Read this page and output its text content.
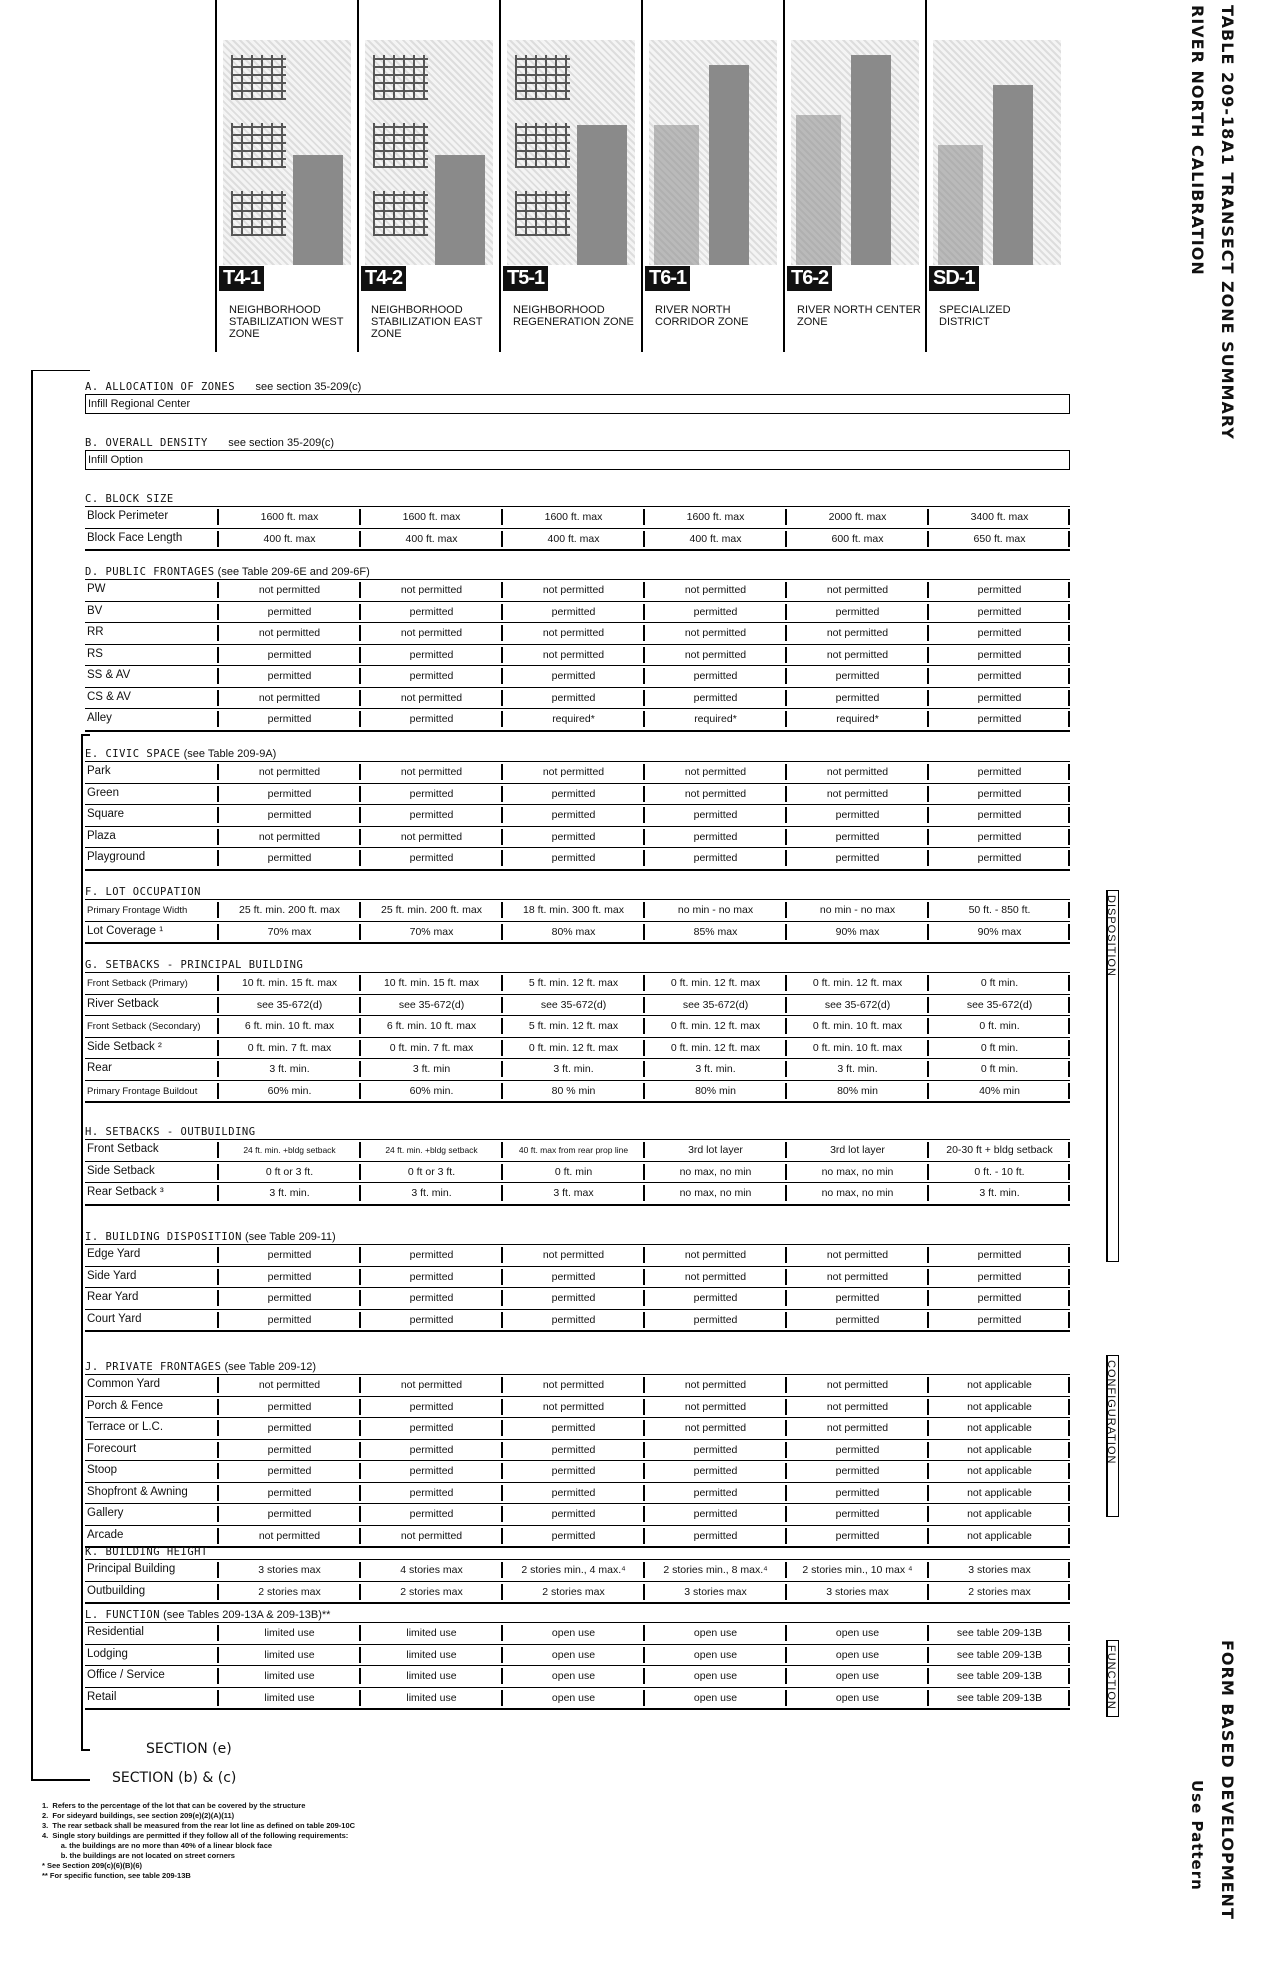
TABLE 209-18A1 TRANSECT ZONE SUMMARY
RIVER NORTH CALIBRATION
FORM BASED DEVELOPMENT
Use Pattern
T4-1
NEIGHBORHOOD STABILIZATION WEST ZONE
T4-2
NEIGHBORHOOD STABILIZATION EAST ZONE
T5-1
NEIGHBORHOOD REGENERATION ZONE
T6-1
RIVER NORTH CORRIDOR ZONE
T6-2
RIVER NORTH CENTER ZONE
SD-1
SPECIALIZED DISTRICT
A. ALLOCATION OF ZONES see section 35-209(c)
Infill Regional Center
B. OVERALL DENSITY see section 35-209(c)
Infill Option
C. BLOCK SIZE
Block Perimeter	1600 ft. max	1600 ft. max	1600 ft. max	1600 ft. max	2000 ft. max	3400 ft. max
Block Face Length	400 ft. max	400 ft. max	400 ft. max	400 ft. max	600 ft. max	650 ft. max
D. PUBLIC FRONTAGES (see Table 209-6E and 209-6F)
PW	not permitted	not permitted	not permitted	not permitted	not permitted	permitted
BV	permitted	permitted	permitted	permitted	permitted	permitted
RR	not permitted	not permitted	not permitted	not permitted	not permitted	permitted
RS	permitted	permitted	not permitted	not permitted	not permitted	permitted
SS & AV	permitted	permitted	permitted	permitted	permitted	permitted
CS & AV	not permitted	not permitted	permitted	permitted	permitted	permitted
Alley	permitted	permitted	required*	required*	required*	permitted
E. CIVIC SPACE (see Table 209-9A)
Park	not permitted	not permitted	not permitted	not permitted	not permitted	permitted
Green	permitted	permitted	permitted	not permitted	not permitted	permitted
Square	permitted	permitted	permitted	permitted	permitted	permitted
Plaza	not permitted	not permitted	permitted	permitted	permitted	permitted
Playground	permitted	permitted	permitted	permitted	permitted	permitted
F. LOT OCCUPATION
Primary Frontage Width	25 ft. min. 200 ft. max	25 ft. min. 200 ft. max	18 ft. min. 300 ft. max	no min - no max	no min - no max	50 ft. - 850 ft.
Lot Coverage ¹	70% max	70% max	80% max	85% max	90% max	90% max
G. SETBACKS - PRINCIPAL BUILDING
Front Setback (Primary)	10 ft. min. 15 ft. max	10 ft. min. 15 ft. max	5 ft. min. 12 ft. max	0 ft. min. 12 ft. max	0 ft. min. 12 ft. max	0 ft min.
River Setback	see 35-672(d)	see 35-672(d)	see 35-672(d)	see 35-672(d)	see 35-672(d)	see 35-672(d)
Front Setback (Secondary)	6 ft. min. 10 ft. max	6 ft. min. 10 ft. max	5 ft. min. 12 ft. max	0 ft. min. 12 ft. max	0 ft. min. 10 ft. max	0 ft. min.
Side Setback ²	0 ft. min. 7 ft. max	0 ft. min. 7 ft. max	0 ft. min. 12 ft. max	0 ft. min. 12 ft. max	0 ft. min. 10 ft. max	0 ft min.
Rear	3 ft. min.	3 ft. min	3 ft. min.	3 ft. min.	3 ft. min.	0 ft min.
Primary Frontage Buildout	60% min.	60% min.	80 % min	80% min	80% min	40% min
H. SETBACKS - OUTBUILDING
Front Setback	24 ft. min. +bldg setback	24 ft. min. +bldg setback	40 ft. max from rear prop line	3rd lot layer	3rd lot layer	20-30 ft + bldg setback
Side Setback	0 ft or 3 ft.	0 ft or 3 ft.	0 ft. min	no max, no min	no max, no min	0 ft. - 10 ft.
Rear Setback ³	3 ft. min.	3 ft. min.	3 ft. max	no max, no min	no max, no min	3 ft. min.
I. BUILDING DISPOSITION (see Table 209-11)
Edge Yard	permitted	permitted	not permitted	not permitted	not permitted	permitted
Side Yard	permitted	permitted	permitted	not permitted	not permitted	permitted
Rear Yard	permitted	permitted	permitted	permitted	permitted	permitted
Court Yard	permitted	permitted	permitted	permitted	permitted	permitted
J. PRIVATE FRONTAGES (see Table 209-12)
Common Yard	not permitted	not permitted	not permitted	not permitted	not permitted	not applicable
Porch & Fence	permitted	permitted	not permitted	not permitted	not permitted	not applicable
Terrace or L.C.	permitted	permitted	permitted	not permitted	not permitted	not applicable
Forecourt	permitted	permitted	permitted	permitted	permitted	not applicable
Stoop	permitted	permitted	permitted	permitted	permitted	not applicable
Shopfront & Awning	permitted	permitted	permitted	permitted	permitted	not applicable
Gallery	permitted	permitted	permitted	permitted	permitted	not applicable
Arcade	not permitted	not permitted	permitted	permitted	permitted	not applicable
K. BUILDING HEIGHT
Principal Building	3 stories max	4 stories max	2 stories min., 4 max.⁴	2 stories min., 8 max.⁴	2 stories min., 10 max ⁴	3 stories max
Outbuilding	2 stories max	2 stories max	2 stories max	3 stories max	3 stories max	2 stories max
L. FUNCTION (see Tables 209-13A & 209-13B)**
Residential	limited use	limited use	open use	open use	open use	see table 209-13B
Lodging	limited use	limited use	open use	open use	open use	see table 209-13B
Office / Service	limited use	limited use	open use	open use	open use	see table 209-13B
Retail	limited use	limited use	open use	open use	open use	see table 209-13B
DISPOSITION
CONFIGURATION
FUNCTION
SECTION (e)
SECTION (b) & (c)
1.  Refers to the percentage of the lot that can be covered by the structure
2.  For sideyard buildings, see section 209(e)(2)(A)(11)
3.  The rear setback shall be measured from the rear lot line as defined on table 209-10C
4.  Single story buildings are permitted if they follow all of the following requirements:
a. the buildings are no more than 40% of a linear block face
b. the buildings are not located on street corners
* See Section 209(c)(6)(B)(6)
** For specific function, see table 209-13B
